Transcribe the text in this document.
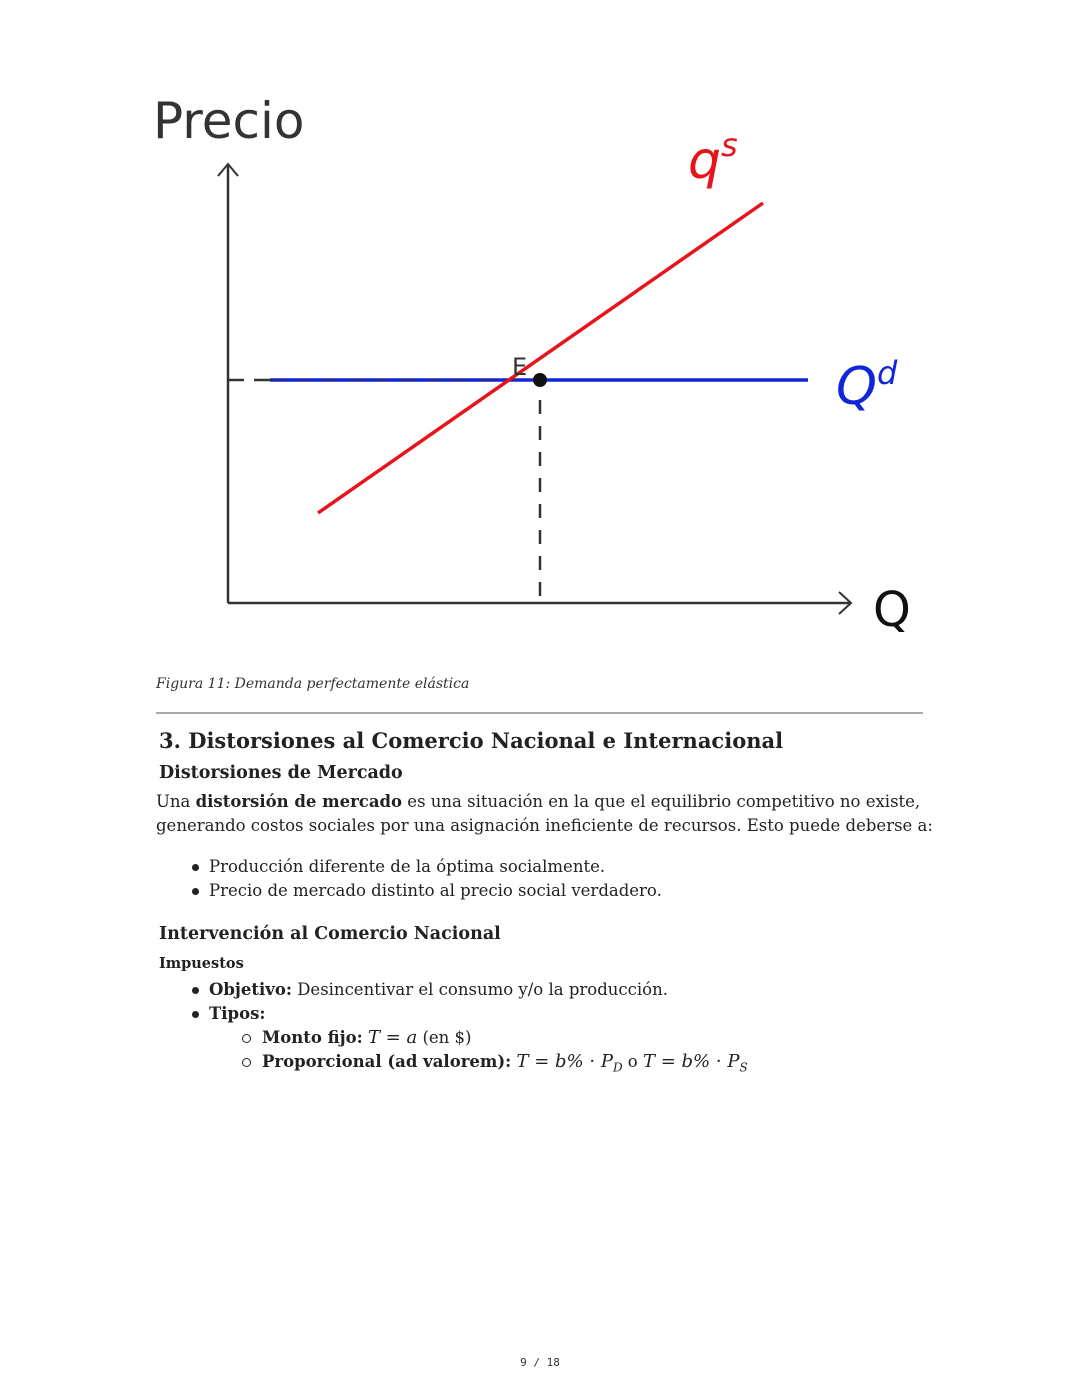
Precio
Q
E
$q^s$
$Q^d$
Figura 11: Demanda perfectamente elástica
3. Distorsiones al Comercio Nacional e Internacional
Distorsiones de Mercado
Una distorsión de mercado es una situación en la que el equilibrio competitivo no existe, generando costos sociales por una asignación ineficiente de recursos. Esto puede deberse a:
Producción diferente de la óptima socialmente.
Precio de mercado distinto al precio social verdadero.
Intervención al Comercio Nacional
Impuestos
Objetivo: Desincentivar el consumo y/o la producción.
Tipos:
Monto fijo: T = a (en $)
Proporcional (ad valorem): $T = b\% \cdot P_D$ o $T = b\% \cdot P_S$
9 / 18
